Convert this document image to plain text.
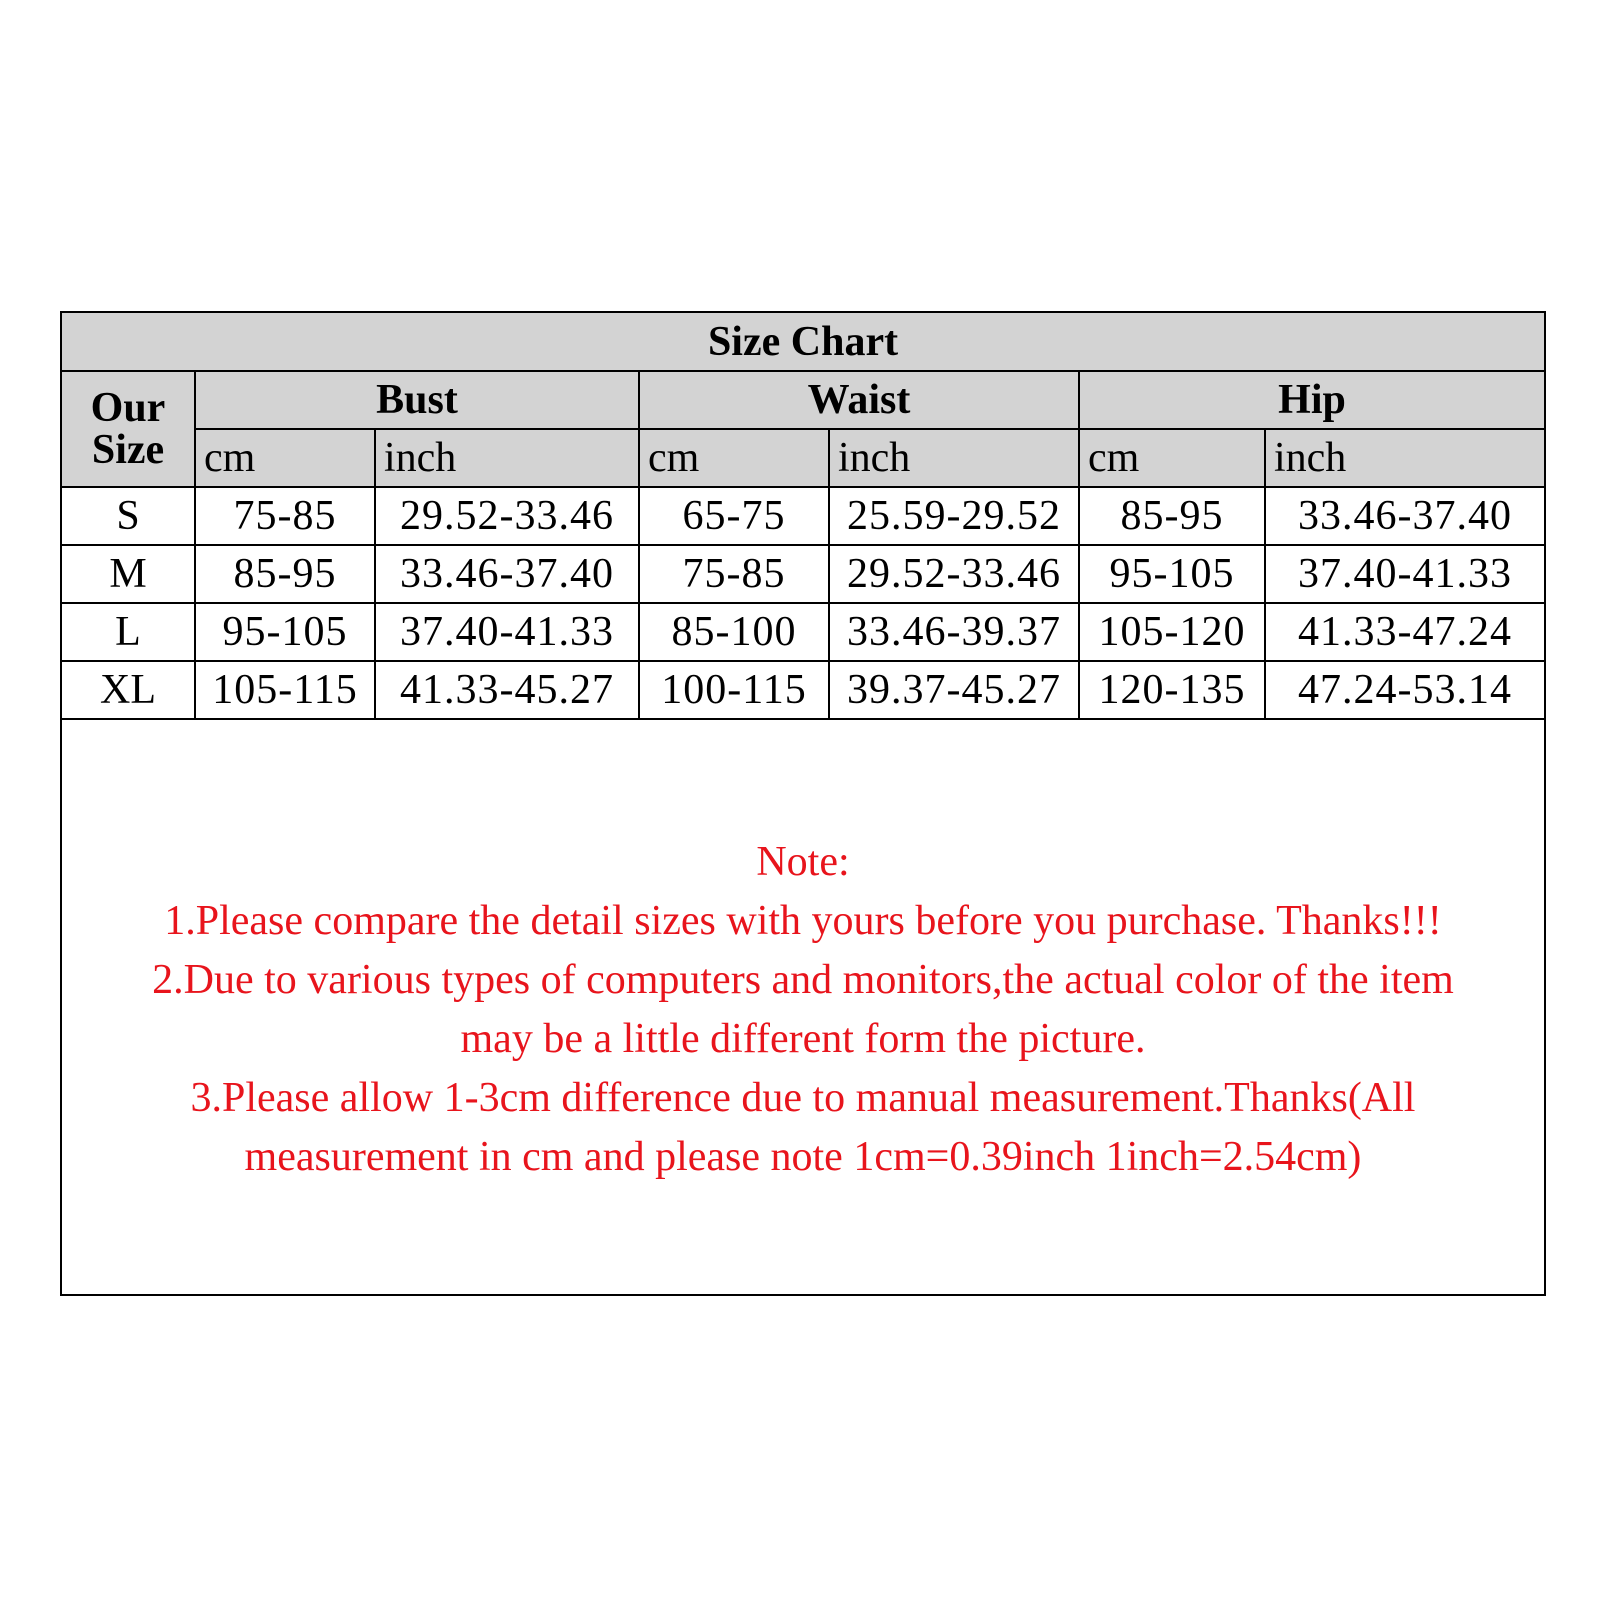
Size Chart						

Our
Size	Bust		Waist		Hip	
	cm	inch	cm	inch	cm	inch
S	75-85	29.52-33.46	65-75	25.59-29.52	85-95	33.46-37.40
M	85-95	33.46-37.40	75-85	29.52-33.46	95-105	37.40-41.33
L	95-105	37.40-41.33	85-100	33.46-39.37	105-120	41.33-47.24
XL	105-115	41.33-45.27	100-115	39.37-45.27	120-135	47.24-53.14
Note:
1.Please compare the detail sizes with yours before you purchase. Thanks!!!
2.Due to various types of computers and monitors,the actual color of the item
may be a little different form the picture.
3.Please allow 1-3cm difference due to manual measurement.Thanks(All
measurement in cm and please note 1cm=0.39inch 1inch=2.54cm)
